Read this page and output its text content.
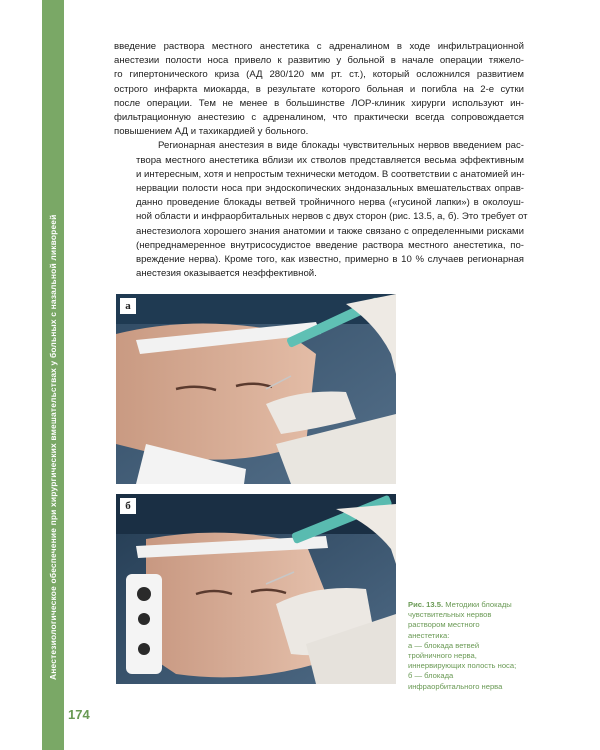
Анестезиологическое обеспечение при хирургических вмешательствах у больных с назальной ликвореей

введение раствора местного анестетика с адреналином в ходе инфильтрационной
анестезии полости носа привело к развитию у больной в начале операции тяжело-
го гипертонического криза (АД 280/120 мм рт. ст.), который осложнился развитием
острого инфаркта миокарда, в результате которого больная и погибла на 2-е сутки
после операции. Тем не менее в большинстве ЛОР-клиник хирурги используют ин-
фильтрационную анестезию с адреналином, что практически всегда сопровождается
повышением АД и тахикардией у больного.

Регионарная анестезия в виде блокады чувствительных нервов введением рас-
твора местного анестетика вблизи их стволов представляется весьма эффективным
и интересным, хотя и непростым технически методом. В соответствии с анатомией ин-
нервации полости носа при эндоскопических эндоназальных вмешательствах оправ-
данно проведение блокады ветвей тройничного нерва («гусиной лапки») в околоуш-
ной области и инфраорбитальных нервов с двух сторон (рис. 13.5, а, б). Это требует от
анестезиолога хорошего знания анатомии и также связано с определенными рисками
(непреднамеренное внутрисосудистое введение раствора местного анестетика, по-
вреждение нерва). Кроме того, как известно, примерно в 10 % случаев регионарная
анестезия оказывается неэффективной.

а
б
Рис. 13.5. Методики блокады чувствительных нервов раствором местного анестетика:
а — блокада ветвей тройничного нерва, иннервирующих полость носа; б — блокада инфраорбитального нерва
174
